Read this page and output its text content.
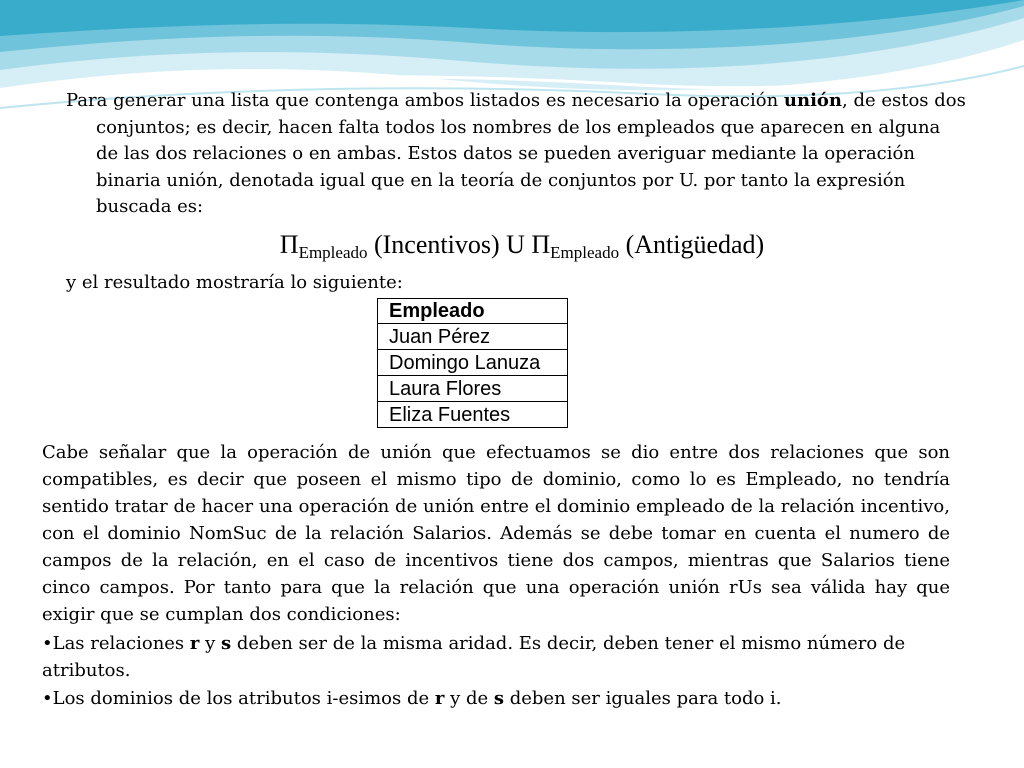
Para generar una lista que contenga ambos listados es necesario la operación unión, de estos dos conjuntos; es decir, hacen falta todos los nombres de los empleados que aparecen en alguna de las dos relaciones o en ambas. Estos datos se pueden averiguar mediante la operación binaria unión, denotada igual que en la teoría de conjuntos por U. por tanto la expresión buscada es:
$\Pi_{Empleado}$ (Incentivos) U $\Pi_{Empleado}$ (Antigüedad)
y el resultado mostraría lo siguiente:
Empleado
Juan Pérez
Domingo Lanuza
Laura Flores
Eliza Fuentes
Cabe señalar que la operación de unión que efectuamos se dio entre dos relaciones que son compatibles, es decir que poseen el mismo tipo de dominio, como lo es Empleado, no tendría sentido tratar de hacer una operación de unión entre el dominio empleado de la relación incentivo, con el dominio NomSuc de la relación Salarios. Además se debe tomar en cuenta el numero de campos de la relación, en el caso de incentivos tiene dos campos, mientras que Salarios tiene cinco campos. Por tanto para que la relación que una operación unión rUs sea válida hay que exigir que se cumplan dos condiciones:
•Las relaciones r y s deben ser de la misma aridad. Es decir, deben tener el mismo número de atributos.
•Los dominios de los atributos i-esimos de r y de s deben ser iguales para todo i.
